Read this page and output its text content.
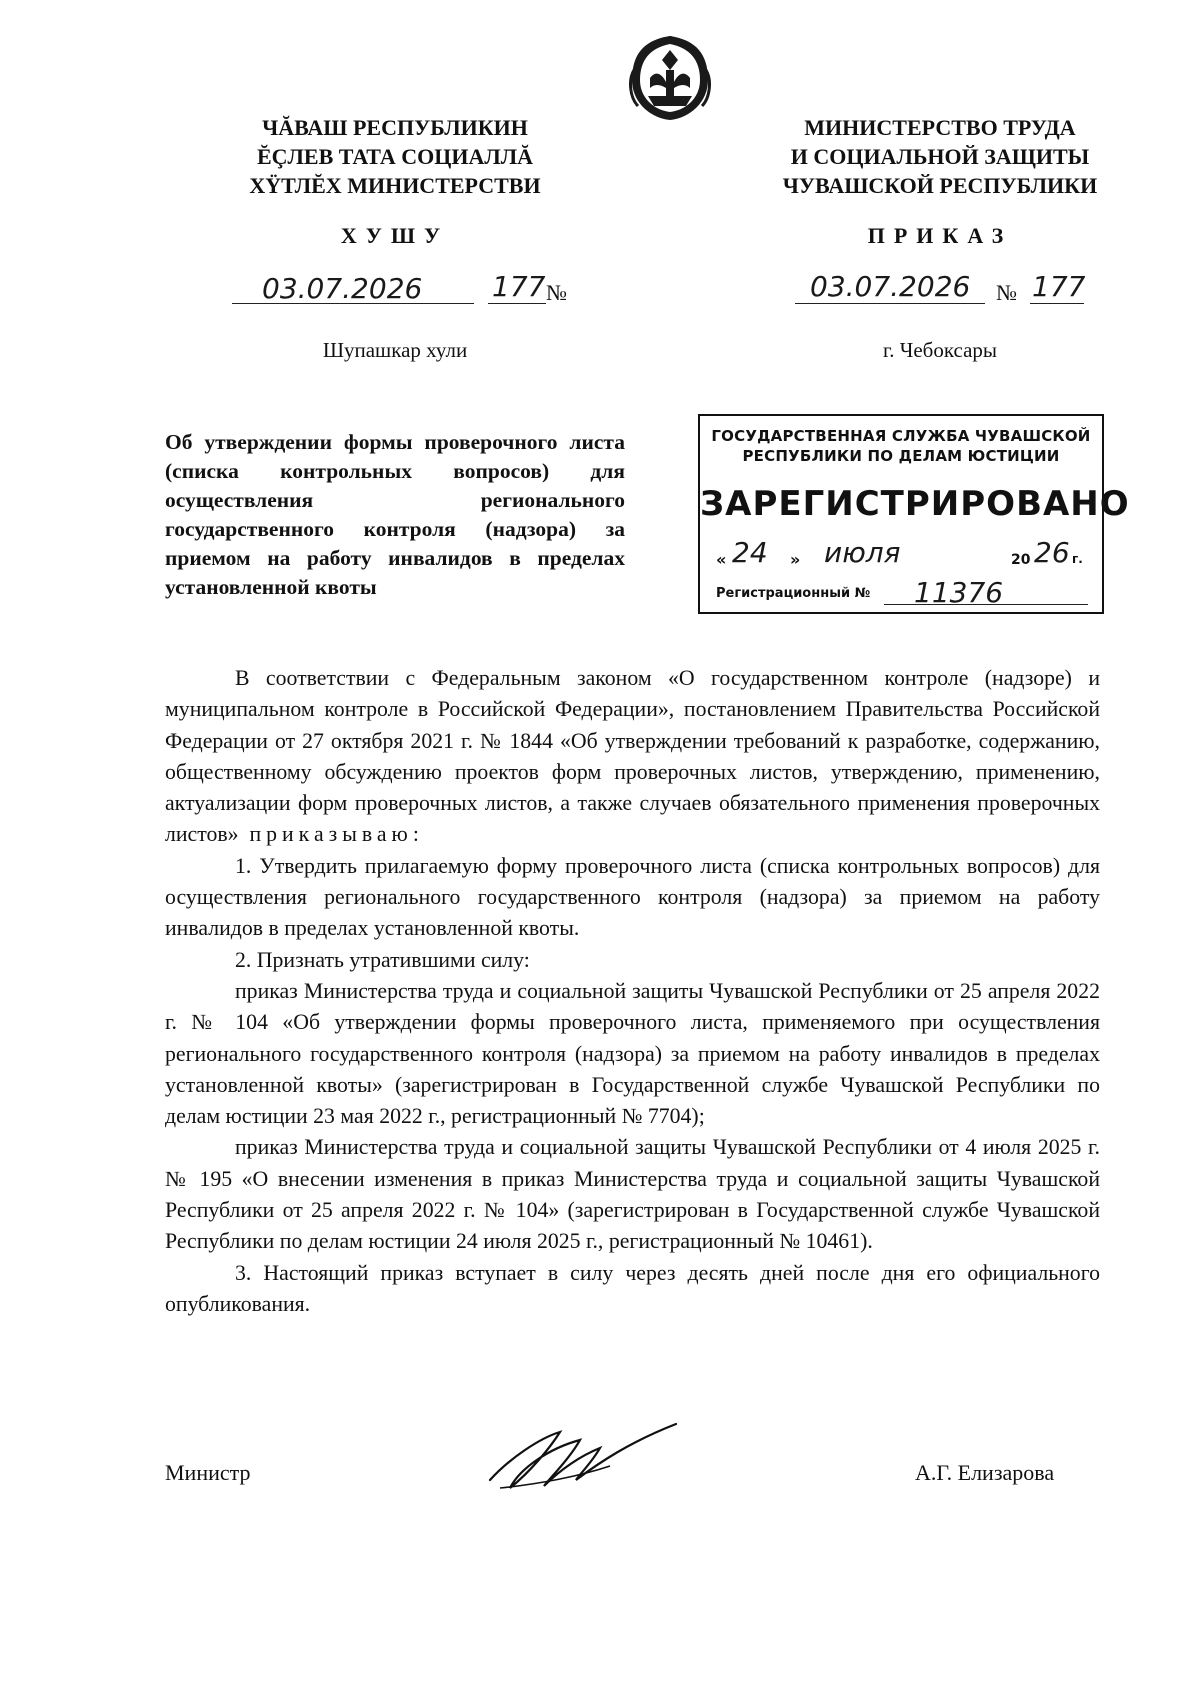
ЧĂВАШ РЕСПУБЛИКИН
ĔÇЛЕВ ТАТА СОЦИАЛЛĂ
ХŸТЛĔХ МИНИСТЕРСТВИ
МИНИСТЕРСТВО ТРУДА
И СОЦИАЛЬНОЙ ЗАЩИТЫ
ЧУВАШСКОЙ РЕСПУБЛИКИ
ХУШУ	ПРИКАЗ
03.07.2026 177 №	03.07.2026 № 177
Шупашкар хули	г. Чебоксары
Об утверждении формы проверочного листа (списка контрольных вопросов) для осуществления регионального государственного контроля (надзора) за приемом на работу инвалидов в пределах установленной квоты
ГОСУДАРСТВЕННАЯ СЛУЖБА ЧУВАШСКОЙ
РЕСПУБЛИКИ ПО ДЕЛАМ ЮСТИЦИИ
ЗАРЕГИСТРИРОВАНО
« 24 » июля	20 26 г.
Регистрационный № 11376

В соответствии с Федеральным законом «О государственном контроле (надзоре) и муниципальном контроле в Российской Федерации», постановлением Правительства Российской Федерации от 27 октября 2021 г. № 1844 «Об утверждении требований к разработке, содержанию, общественному обсуждению проектов форм проверочных листов, утверждению, применению, актуализации форм проверочных листов, а также случаев обязательного применения проверочных листов» приказываю:

1. Утвердить прилагаемую форму проверочного листа (списка контрольных вопросов) для осуществления регионального государственного контроля (надзора) за приемом на работу инвалидов в пределах установленной квоты.

2. Признать утратившими силу:

приказ Министерства труда и социальной защиты Чувашской Республики от 25 апреля 2022 г. № 104 «Об утверждении формы проверочного листа, применяемого при осуществления регионального государственного контроля (надзора) за приемом на работу инвалидов в пределах установленной квоты» (зарегистрирован в Государственной службе Чувашской Республики по делам юстиции 23 мая 2022 г., регистрационный № 7704);

приказ Министерства труда и социальной защиты Чувашской Республики от 4 июля 2025 г. № 195 «О внесении изменения в приказ Министерства труда и социальной защиты Чувашской Республики от 25 апреля 2022 г. № 104» (зарегистрирован в Государственной службе Чувашской Республики по делам юстиции 24 июля 2025 г., регистрационный № 10461).

3. Настоящий приказ вступает в силу через десять дней после дня его официального опубликования.

Министр	А.Г. Елизарова
